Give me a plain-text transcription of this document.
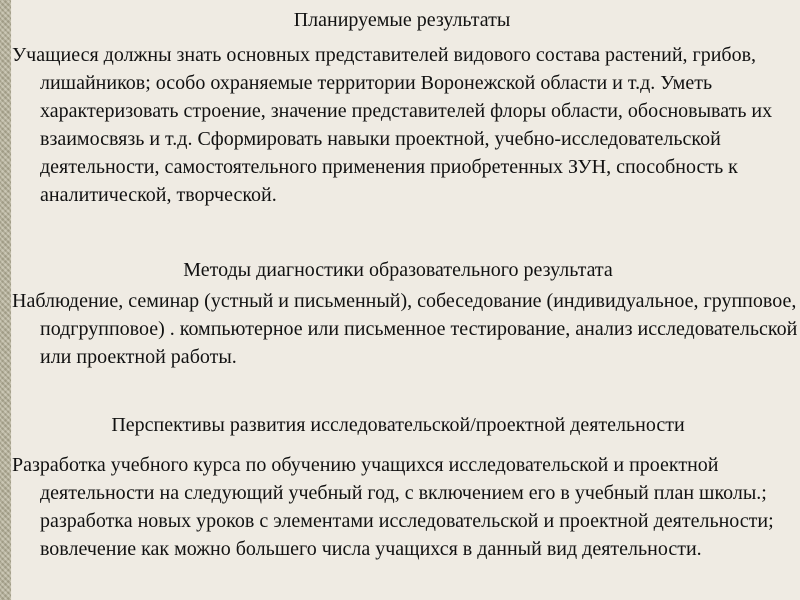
Планируемые результаты

Учащиеся должны знать основных представителей видового состава растений, грибов, лишайников; особо охраняемые территории Воронежской области и т.д. Уметь характеризовать строение, значение представителей флоры области, обосновывать их взаимосвязь и т.д. Сформировать навыки проектной, учебно-исследовательской деятельности, самостоятельного применения приобретенных ЗУН, способность к аналитической, творческой.

Методы диагностики образовательного результата

Наблюдение, семинар (устный и письменный), собеседование (индивидуальное, групповое, подгрупповое) . компьютерное или письменное тестирование, анализ исследовательской или проектной работы.

Перспективы развития исследовательской/проектной деятельности

Разработка учебного курса по обучению учащихся исследовательской и проектной деятельности на следующий учебный год, с включением его в учебный план школы.; разработка новых уроков с элементами исследовательской и проектной деятельности; вовлечение как можно большего числа учащихся в данный вид деятельности.
